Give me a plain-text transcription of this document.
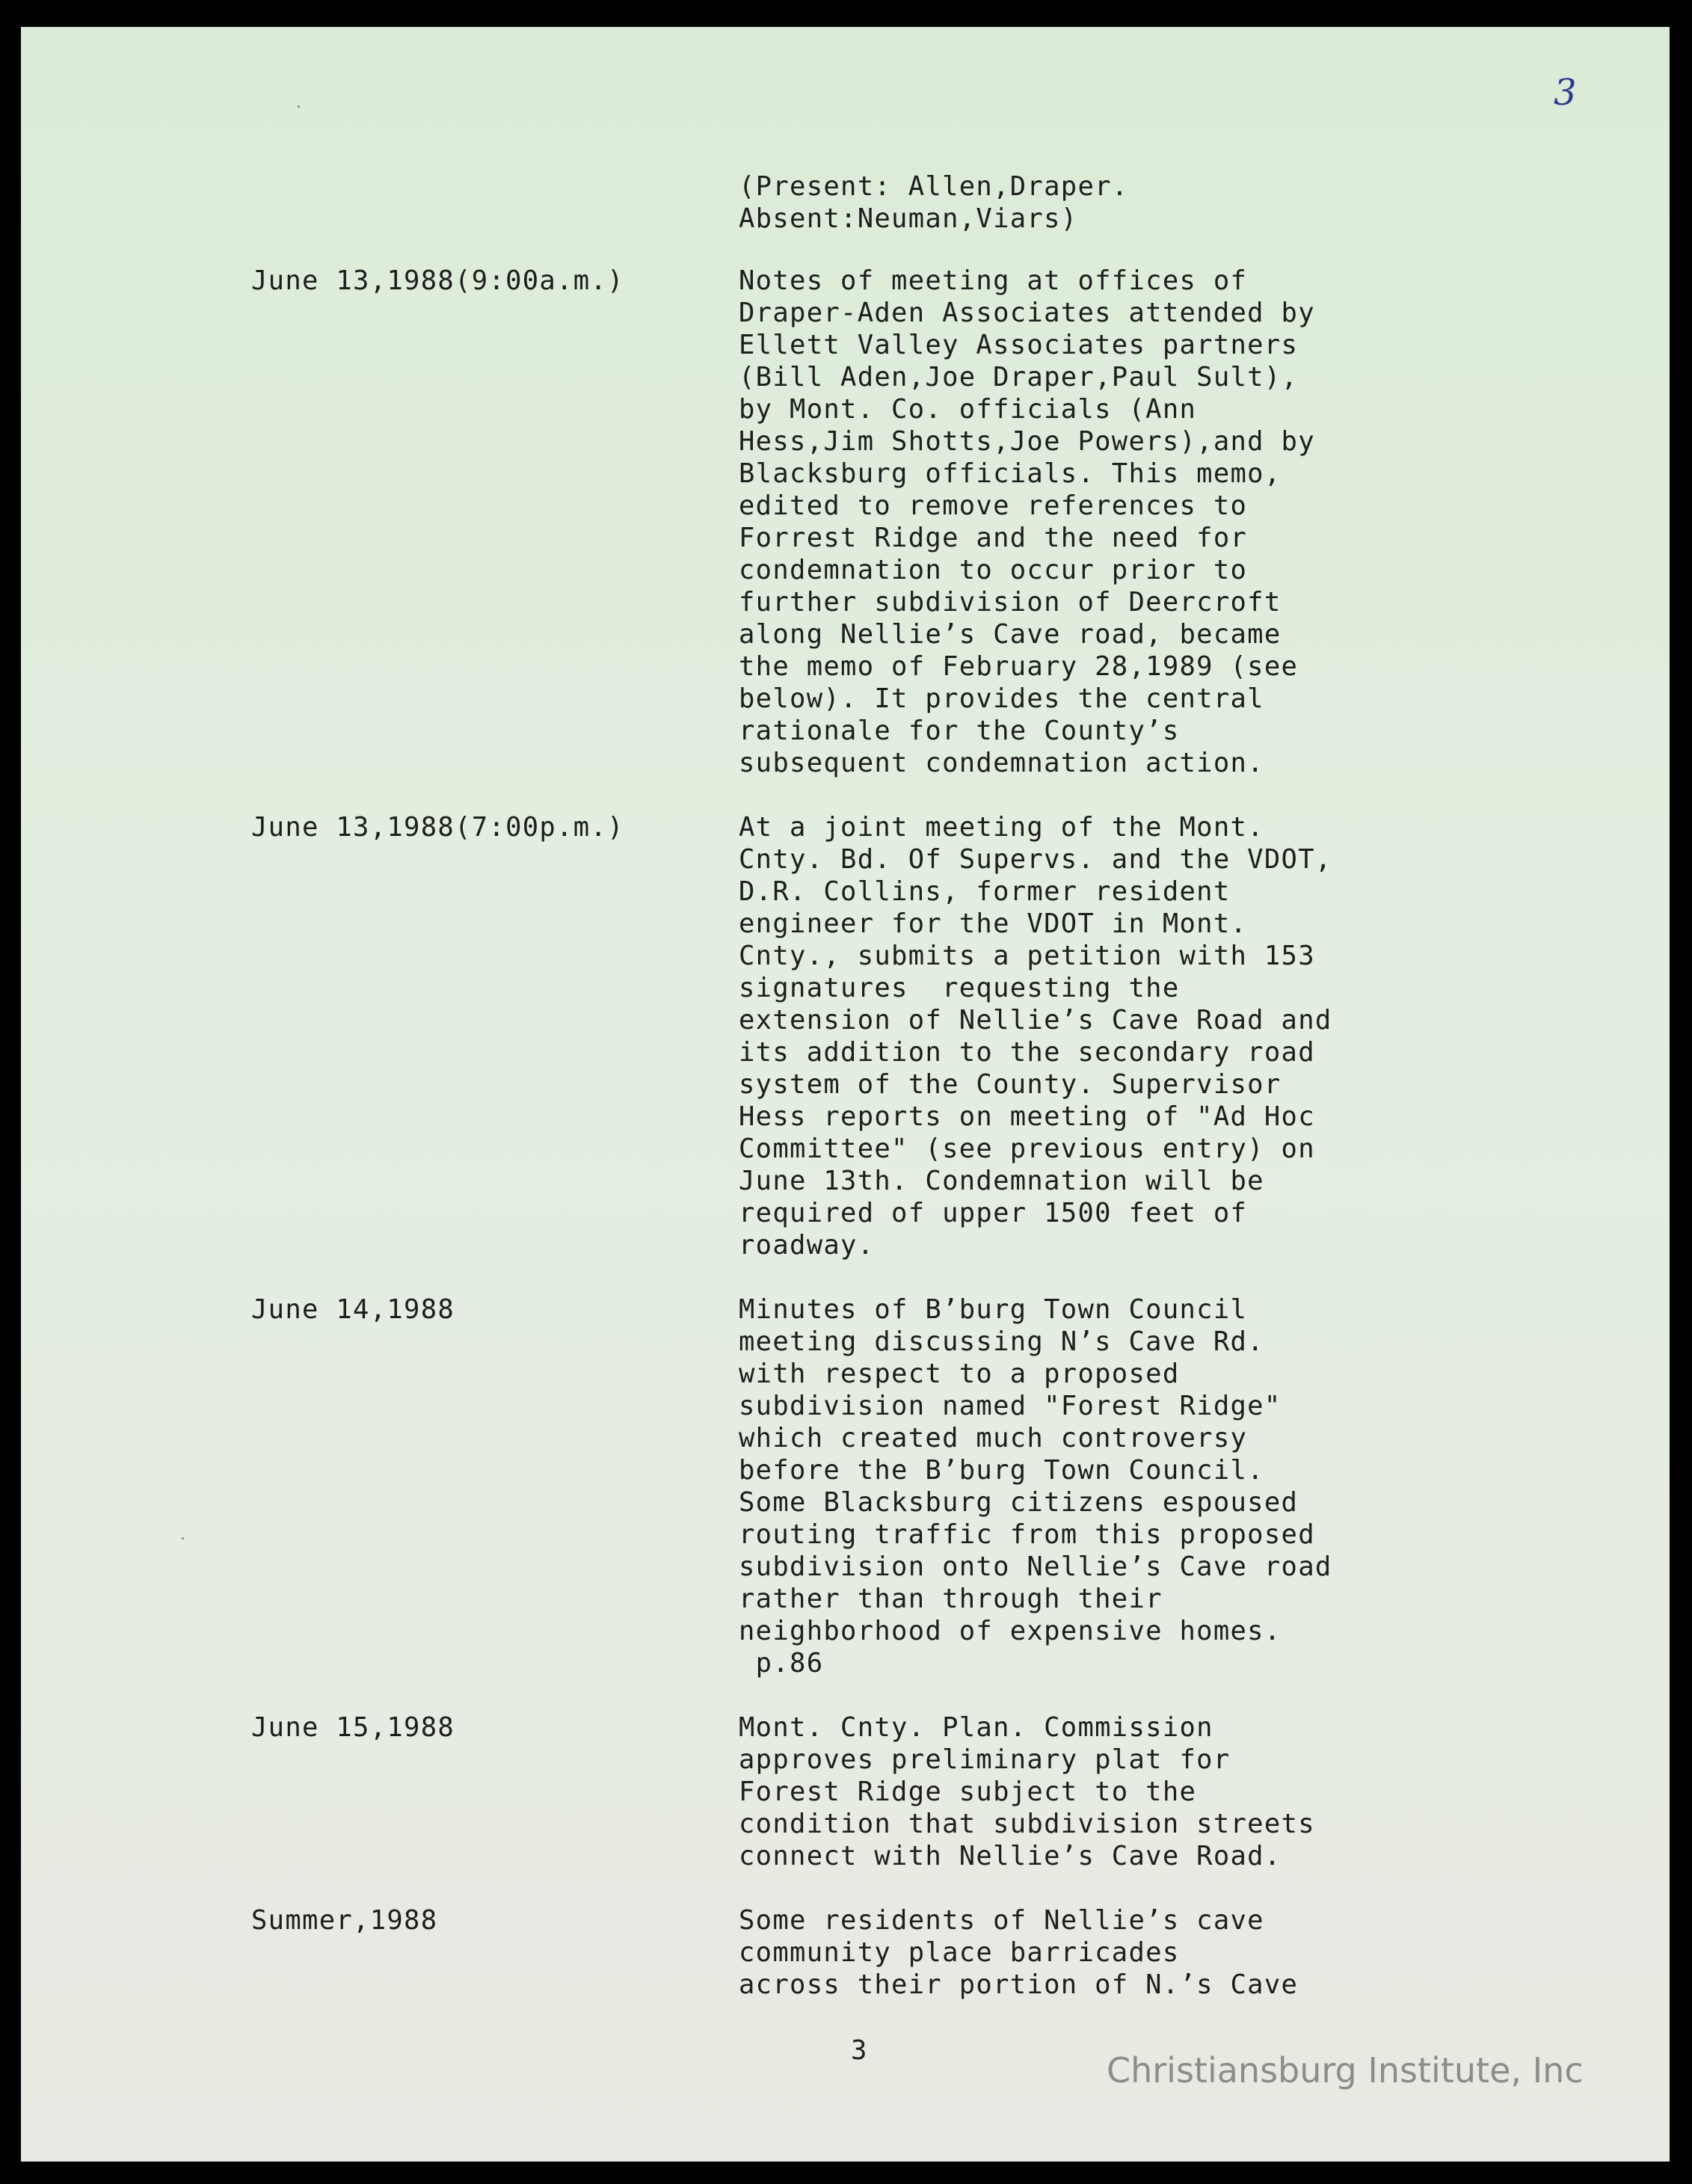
3
(Present: Allen,Draper.
Absent:Neuman,Viars)
June 13,1988(9:00a.m.)	Notes of meeting at offices of
Draper-Aden Associates attended by
Ellett Valley Associates partners
(Bill Aden,Joe Draper,Paul Sult),
by Mont. Co. officials (Ann
Hess,Jim Shotts,Joe Powers),and by
Blacksburg officials. This memo,
edited to remove references to
Forrest Ridge and the need for
condemnation to occur prior to
further subdivision of Deercroft
along Nellie’s Cave road, became
the memo of February 28,1989 (see
below). It provides the central
rationale for the County’s
subsequent condemnation action.
June 13,1988(7:00p.m.)	At a joint meeting of the Mont.
Cnty. Bd. Of Supervs. and the VDOT,
D.R. Collins, former resident
engineer for the VDOT in Mont.
Cnty., submits a petition with 153
signatures  requesting the
extension of Nellie’s Cave Road and
its addition to the secondary road
system of the County. Supervisor
Hess reports on meeting of "Ad Hoc
Committee" (see previous entry) on
June 13th. Condemnation will be
required of upper 1500 feet of
roadway.
June 14,1988	Minutes of B’burg Town Council
meeting discussing N’s Cave Rd.
with respect to a proposed
subdivision named "Forest Ridge"
which created much controversy
before the B’burg Town Council.
Some Blacksburg citizens espoused
routing traffic from this proposed
subdivision onto Nellie’s Cave road
rather than through their
neighborhood of expensive homes.
p.86
June 15,1988	Mont. Cnty. Plan. Commission
approves preliminary plat for
Forest Ridge subject to the
condition that subdivision streets
connect with Nellie’s Cave Road.
Summer,1988	Some residents of Nellie’s cave
community place barricades
across their portion of N.’s Cave
3	Christiansburg Institute, Inc
